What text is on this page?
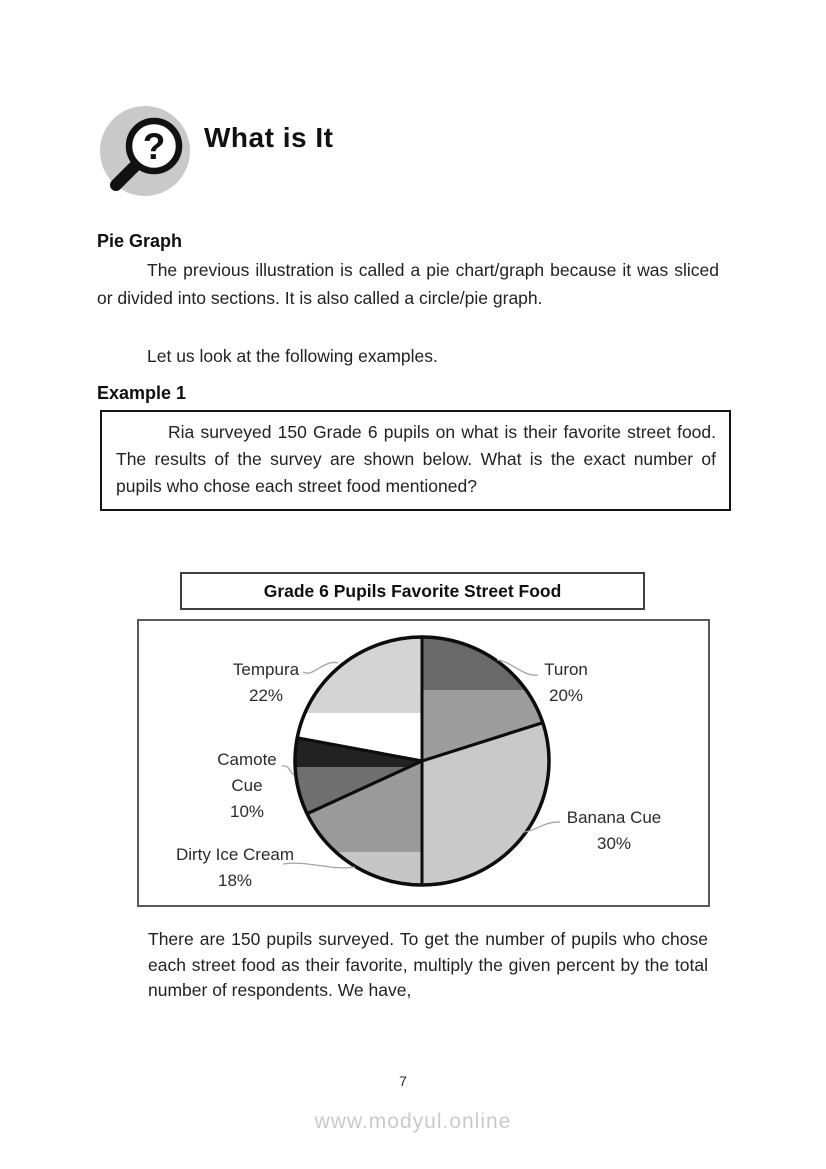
? What is It
Pie Graph
The previous illustration is called a pie chart/graph because it was sliced or divided into sections. It is also called a circle/pie graph.
Let us look at the following examples.
Example 1
Ria surveyed 150 Grade 6 pupils on what is their favorite street food. The results of the survey are shown below. What is the exact number of pupils who chose each street food mentioned?
Grade 6 Pupils Favorite Street Food
Tempura
22%
Turon
20%
Camote
Cue
10%
Dirty Ice Cream
18%
Banana Cue
30%
There are 150 pupils surveyed. To get the number of pupils who chose each street food as their favorite, multiply the given percent by the total number of respondents. We have,
7
www.modyul.online
